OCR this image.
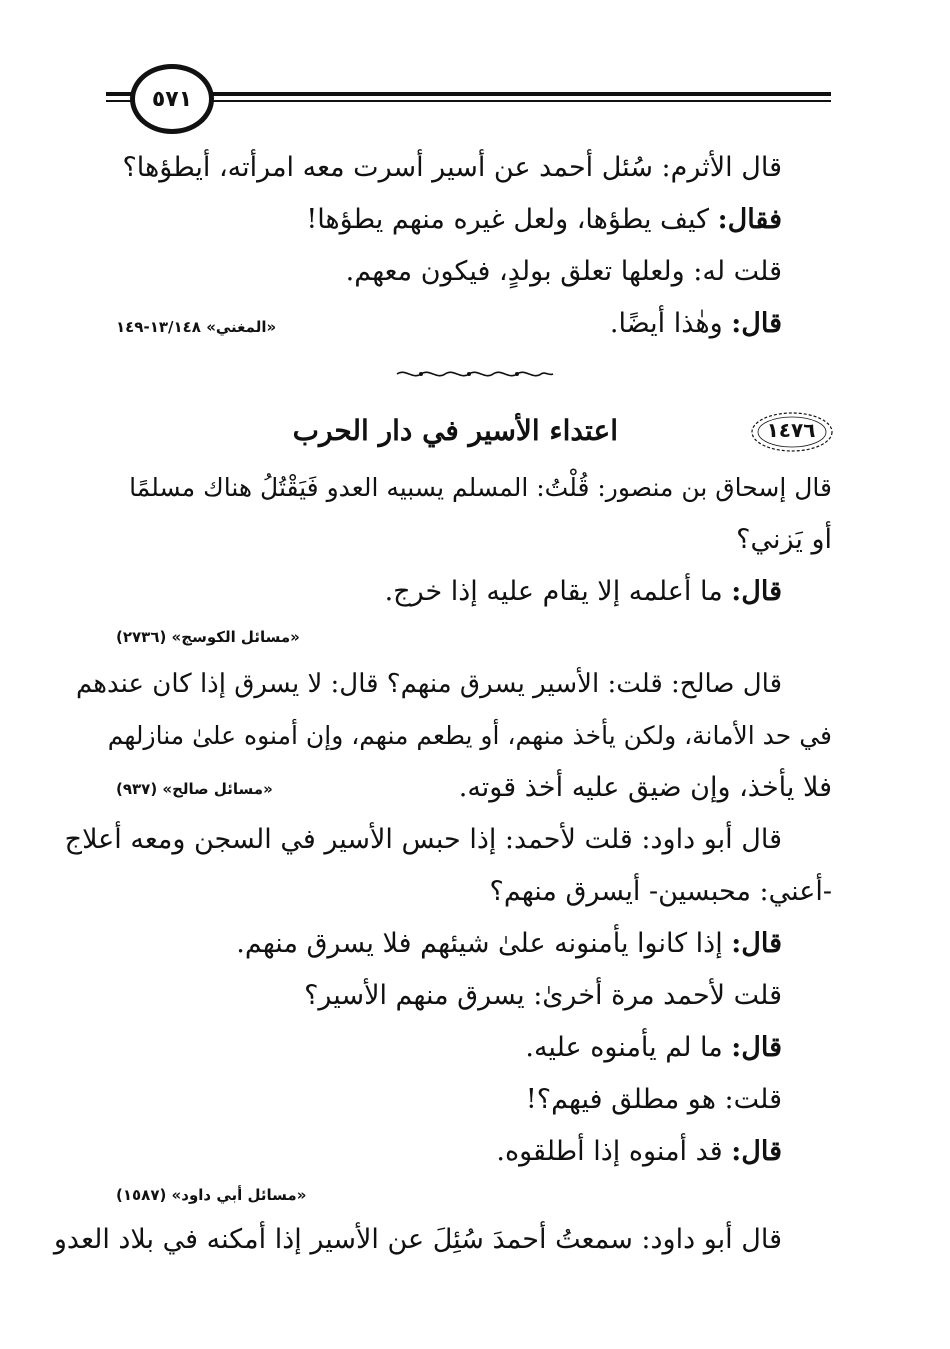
٥٧١
قال الأثرم: سُئل أحمد عن أسير أسرت معه امرأته، أيطؤها؟
فقال: كيف يطؤها، ولعل غيره منهم يطؤها!
قلت له: ولعلها تعلق بولدٍ، فيكون معهم.
قال: وهٰذا أيضًا.
«المغني» ١٣/١٤٨-١٤٩
١٤٧٦
اعتداء الأسير في دار الحرب
قال إسحاق بن منصور: قُلْتُ: المسلم يسبيه العدو فَيَقْتُلُ هناك مسلمًا
أو يَزني؟
قال: ما أعلمه إلا يقام عليه إذا خرج.
«مسائل الكوسج» (٢٧٣٦)
قال صالح: قلت: الأسير يسرق منهم؟ قال: لا يسرق إذا كان عندهم
في حد الأمانة، ولكن يأخذ منهم، أو يطعم منهم، وإن أمنوه علىٰ منازلهم
فلا يأخذ، وإن ضيق عليه أخذ قوته.
«مسائل صالح» (٩٣٧)
قال أبو داود: قلت لأحمد: إذا حبس الأسير في السجن ومعه أعلاج
-أعني: محبسين- أيسرق منهم؟
قال: إذا كانوا يأمنونه علىٰ شيئهم فلا يسرق منهم.
قلت لأحمد مرة أخرىٰ: يسرق منهم الأسير؟
قال: ما لم يأمنوه عليه.
قلت: هو مطلق فيهم؟!
قال: قد أمنوه إذا أطلقوه.
«مسائل أبي داود» (١٥٨٧)
قال أبو داود: سمعتُ أحمدَ سُئِلَ عن الأسير إذا أمكنه في بلاد العدو
